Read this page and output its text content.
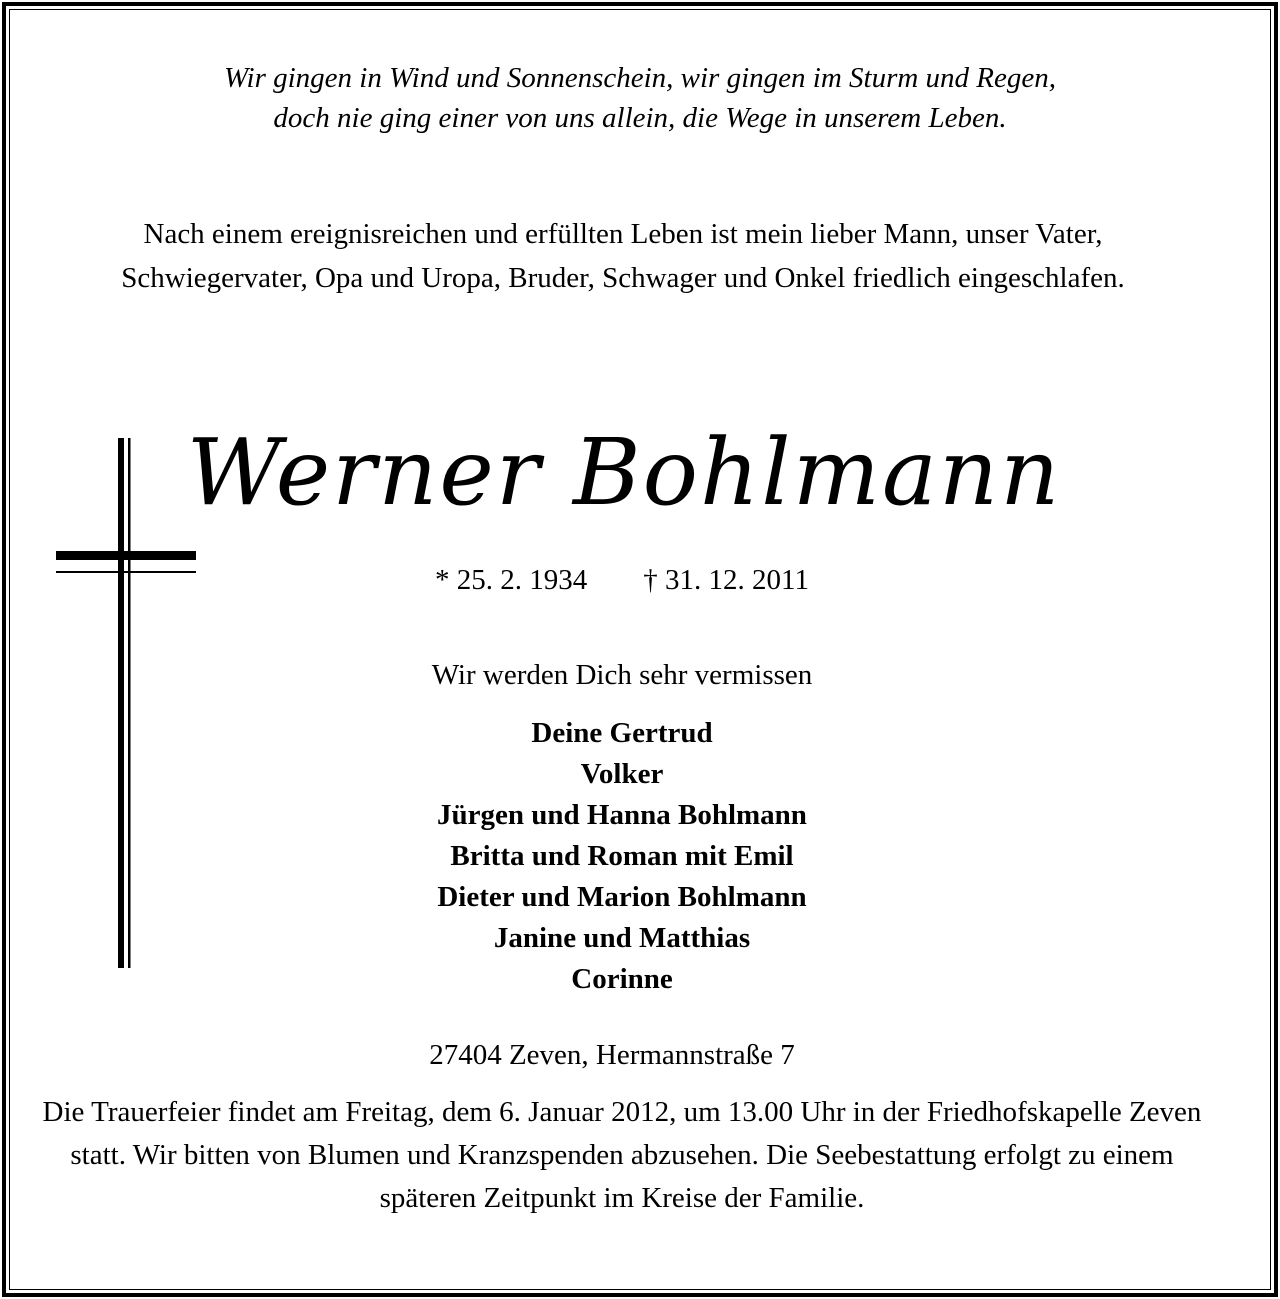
Wir gingen in Wind und Sonnenschein, wir gingen im Sturm und Regen,
doch nie ging einer von uns allein, die Wege in unserem Leben.
Nach einem ereignisreichen und erfüllten Leben ist mein lieber Mann, unser Vater, Schwiegervater, Opa und Uropa, Bruder, Schwager und Onkel friedlich eingeschlafen.
Werner Bohlmann
* 25. 2. 1934 † 31. 12. 2011
Wir werden Dich sehr vermissen
Deine Gertrud
Volker
Jürgen und Hanna Bohlmann
Britta und Roman mit Emil
Dieter und Marion Bohlmann
Janine und Matthias
Corinne
27404 Zeven, Hermannstraße 7
Die Trauerfeier findet am Freitag, dem 6. Januar 2012, um 13.00 Uhr in der Friedhofskapelle Zeven statt. Wir bitten von Blumen und Kranzspenden abzusehen. Die Seebestattung erfolgt zu einem späteren Zeitpunkt im Kreise der Familie.
